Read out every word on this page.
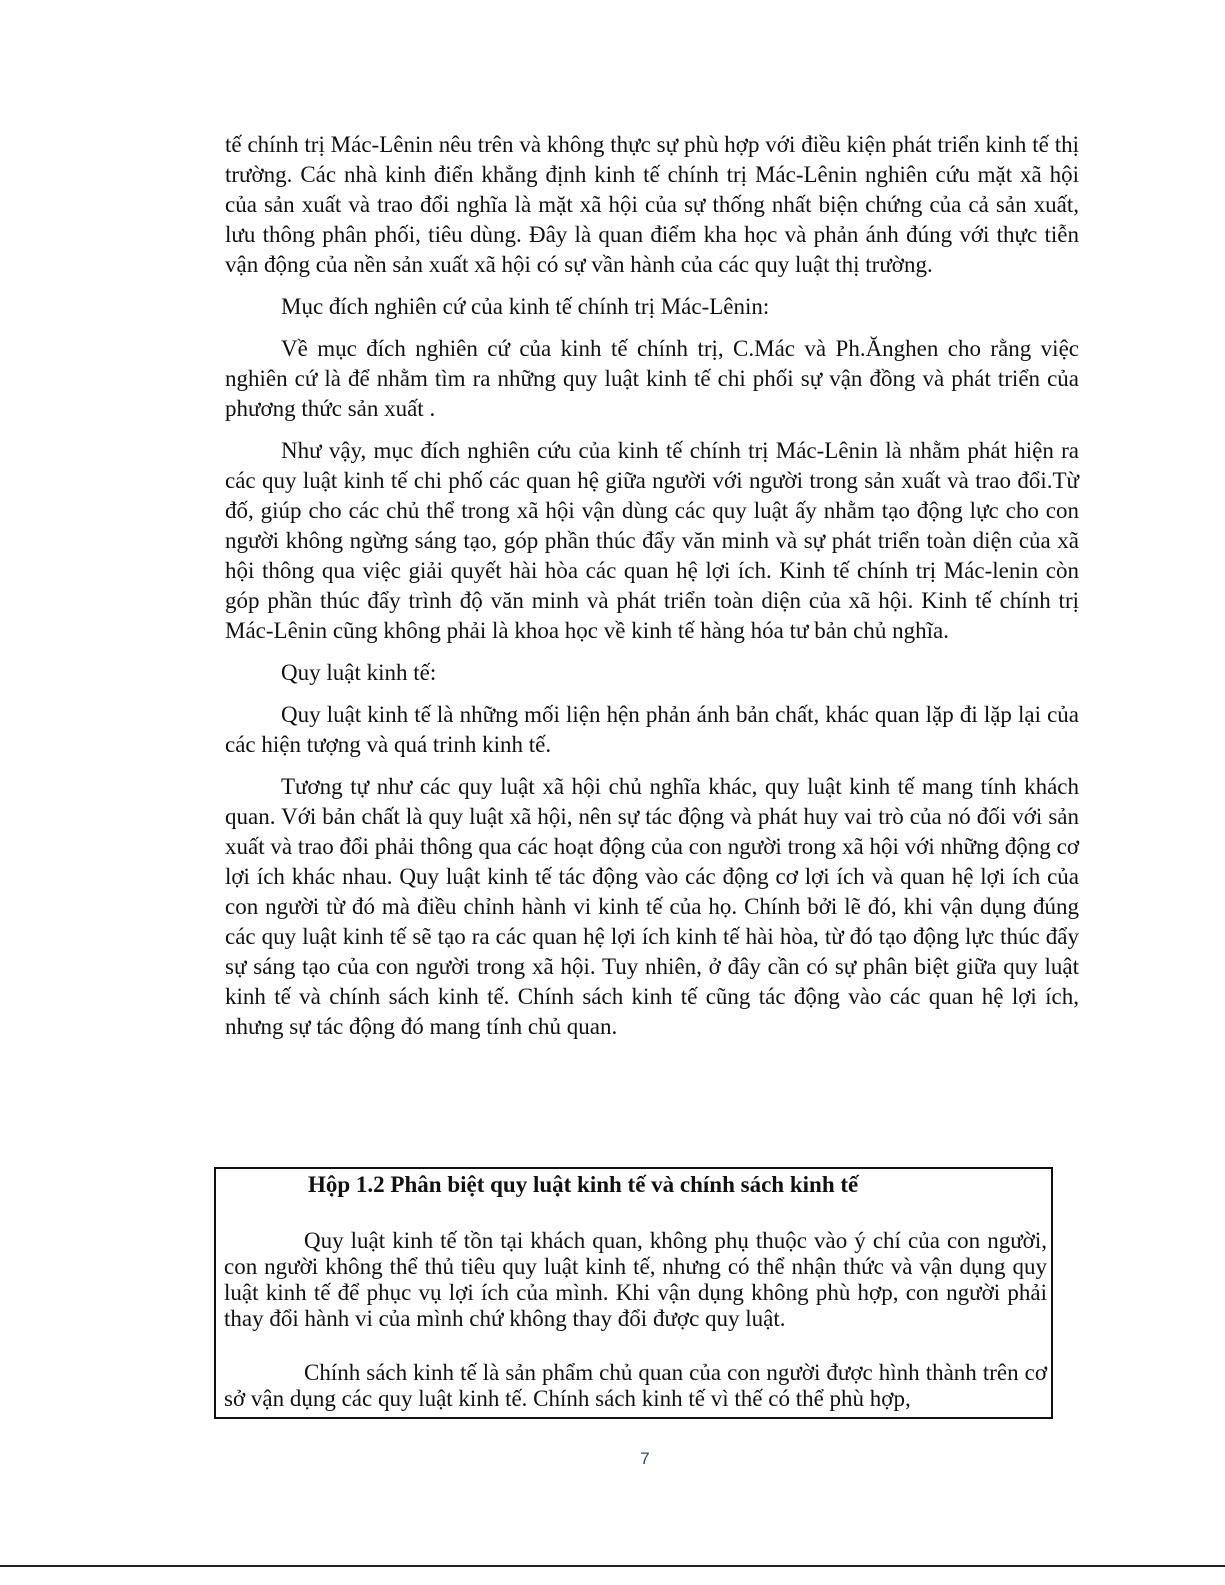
tế chính trị Mác-Lênin nêu trên và không thực sự phù hợp với điều kiện phát triển kinh tế thị trường. Các nhà kinh điển khẳng định kinh tế chính trị Mác-Lênin nghiên cứu mặt xã hội của sản xuất và trao đổi nghĩa là mặt xã hội của sự thống nhất biện chứng của cả sản xuất, lưu thông phân phối, tiêu dùng. Đây là quan điểm kha học và phản ánh đúng với thực tiễn vận động của nền sản xuất xã hội có sự vần hành của các quy luật thị trường.

Mục đích nghiên cứ của kinh tế chính trị Mác-Lênin:

Về mục đích nghiên cứ của kinh tế chính trị, C.Mác và Ph.Ănghen cho rằng việc nghiên cứ là để nhằm tìm ra những quy luật kinh tế chi phối sự vận đồng và phát triển của phương thức sản xuất .

Như vậy, mục đích nghiên cứu của kinh tế chính trị Mác-Lênin là nhằm phát hiện ra các quy luật kinh tế chi phố các quan hệ giữa người với người trong sản xuất và trao đổi.Từ đố, giúp cho các chủ thể trong xã hội vận dùng các quy luật ấy nhằm tạo động lực cho con người không ngừng sáng tạo, góp phần thúc đẩy văn minh và sự phát triển toàn diện của xã hội thông qua việc giải quyết hài hòa các quan hệ lợi ích. Kinh tế chính trị Mác-lenin còn góp phần thúc đẩy trình độ văn minh và phát triển toàn diện của xã hội. Kinh tế chính trị Mác-Lênin cũng không phải là khoa học về kinh tế hàng hóa tư bản chủ nghĩa.

Quy luật kinh tế:

Quy luật kinh tế là những mối liện hện phản ánh bản chất, khác quan lặp đi lặp lại của các hiện tượng và quá trinh kinh tế.

Tương tự như các quy luật xã hội chủ nghĩa khác, quy luật kinh tế mang tính khách quan. Với bản chất là quy luật xã hội, nên sự tác động và phát huy vai trò của nó đối với sản xuất và trao đổi phải thông qua các hoạt động của con người trong xã hội với những động cơ lợi ích khác nhau. Quy luật kinh tế tác động vào các động cơ lợi ích và quan hệ lợi ích của con người từ đó mà điều chỉnh hành vi kinh tế của họ. Chính bởi lẽ đó, khi vận dụng đúng các quy luật kinh tế sẽ tạo ra các quan hệ lợi ích kinh tế hài hòa, từ đó tạo động lực thúc đẩy sự sáng tạo của con người trong xã hội. Tuy nhiên, ở đây cần có sự phân biệt giữa quy luật kinh tế và chính sách kinh tế. Chính sách kinh tế cũng tác động vào các quan hệ lợi ích, nhưng sự tác động đó mang tính chủ quan.

Hộp 1.2 Phân biệt quy luật kinh tế và chính sách kinh tế

Quy luật kinh tế tồn tại khách quan, không phụ thuộc vào ý chí của con người, con người không thể thủ tiêu quy luật kinh tế, nhưng có thể nhận thức và vận dụng quy luật kinh tế để phục vụ lợi ích của mình. Khi vận dụng không phù hợp, con người phải thay đổi hành vi của mình chứ không thay đổi được quy luật.

Chính sách kinh tế là sản phẩm chủ quan của con người được hình thành trên cơ sở vận dụng các quy luật kinh tế. Chính sách kinh tế vì thế có thể phù hợp,

7
